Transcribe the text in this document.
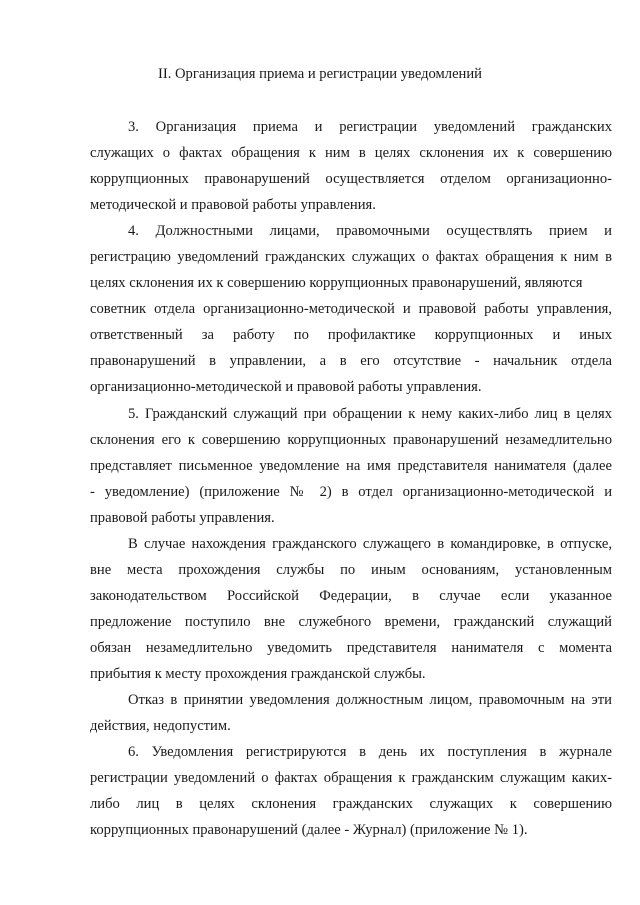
II. Организация приема и регистрации уведомлений
3. Организация приема и регистрации уведомлений гражданских
служащих о фактах обращения к ним в целях склонения их к совершению
коррупционных правонарушений осуществляется отделом организационно-
методической и правовой работы управления.
4. Должностными лицами, правомочными осуществлять прием и
регистрацию уведомлений гражданских служащих о фактах обращения к ним в
целях склонения их к совершению коррупционных правонарушений, являются
советник отдела организационно-методической и правовой работы управления,
ответственный за работу по профилактике коррупционных и иных
правонарушений в управлении, а в его отсутствие - начальник отдела
организационно-методической и правовой работы управления.
5. Гражданский служащий при обращении к нему каких-либо лиц в целях
склонения его к совершению коррупционных правонарушений незамедлительно
представляет письменное уведомление на имя представителя нанимателя (далее
- уведомление) (приложение № 2) в отдел организационно-методической и
правовой работы управления.
В случае нахождения гражданского служащего в командировке, в отпуске,
вне места прохождения службы по иным основаниям, установленным
законодательством Российской Федерации, в случае если указанное
предложение поступило вне служебного времени, гражданский служащий
обязан незамедлительно уведомить представителя нанимателя с момента
прибытия к месту прохождения гражданской службы.
Отказ в принятии уведомления должностным лицом, правомочным на эти
действия, недопустим.
6. Уведомления регистрируются в день их поступления в журнале
регистрации уведомлений о фактах обращения к гражданским служащим каких-
либо лиц в целях склонения гражданских служащих к совершению
коррупционных правонарушений (далее - Журнал) (приложение № 1).
